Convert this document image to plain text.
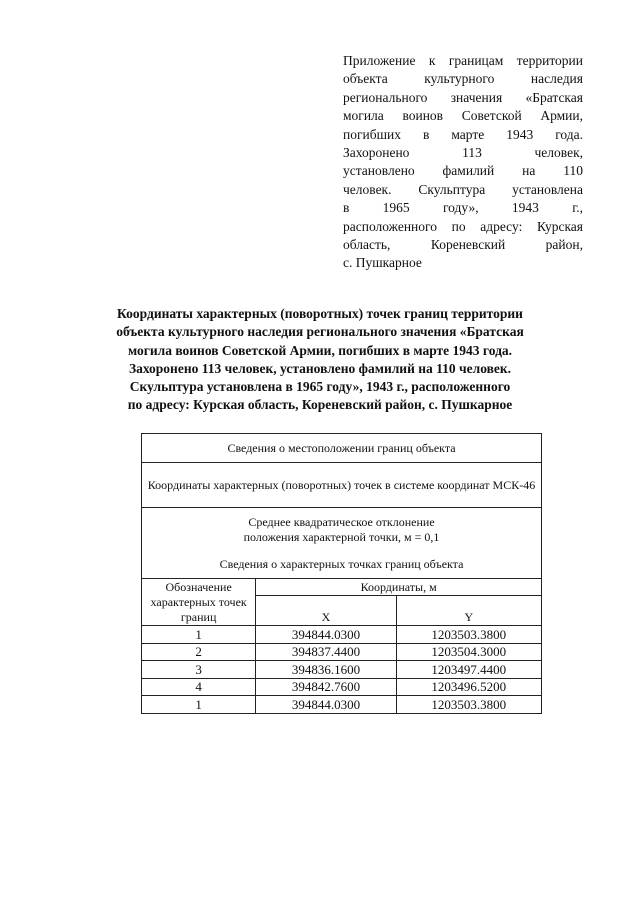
Приложение к границам территории
объекта культурного наследия
регионального значения «Братская
могила воинов Советской Армии,
погибших в марте 1943 года.
Захоронено 113 человек,
установлено фамилий на 110
человек. Скульптура установлена
в 1965 году», 1943 г.,
расположенного по адресу: Курская
область, Кореневский район,
с. Пушкарное
Координаты характерных (поворотных) точек границ территории
объекта культурного наследия регионального значения «Братская
могила воинов Советской Армии, погибших в марте 1943 года.
Захоронено 113 человек, установлено фамилий на 110 человек.
Скульптура установлена в 1965 году», 1943 г., расположенного
по адресу: Курская область, Кореневский район, с. Пушкарное
Сведения о местоположении границ объекта		
Координаты характерных (поворотных) точек в системе координат МСК-46		

Среднее квадратическое отклонение
положения характерной точки, м = 0,1
Сведения о характерных точках границ объекта		

Обозначение характерных точек границ	Координаты, м	
	X	Y
1	394844.0300	1203503.3800
2	394837.4400	1203504.3000
3	394836.1600	1203497.4400
4	394842.7600	1203496.5200
1	394844.0300	1203503.3800
